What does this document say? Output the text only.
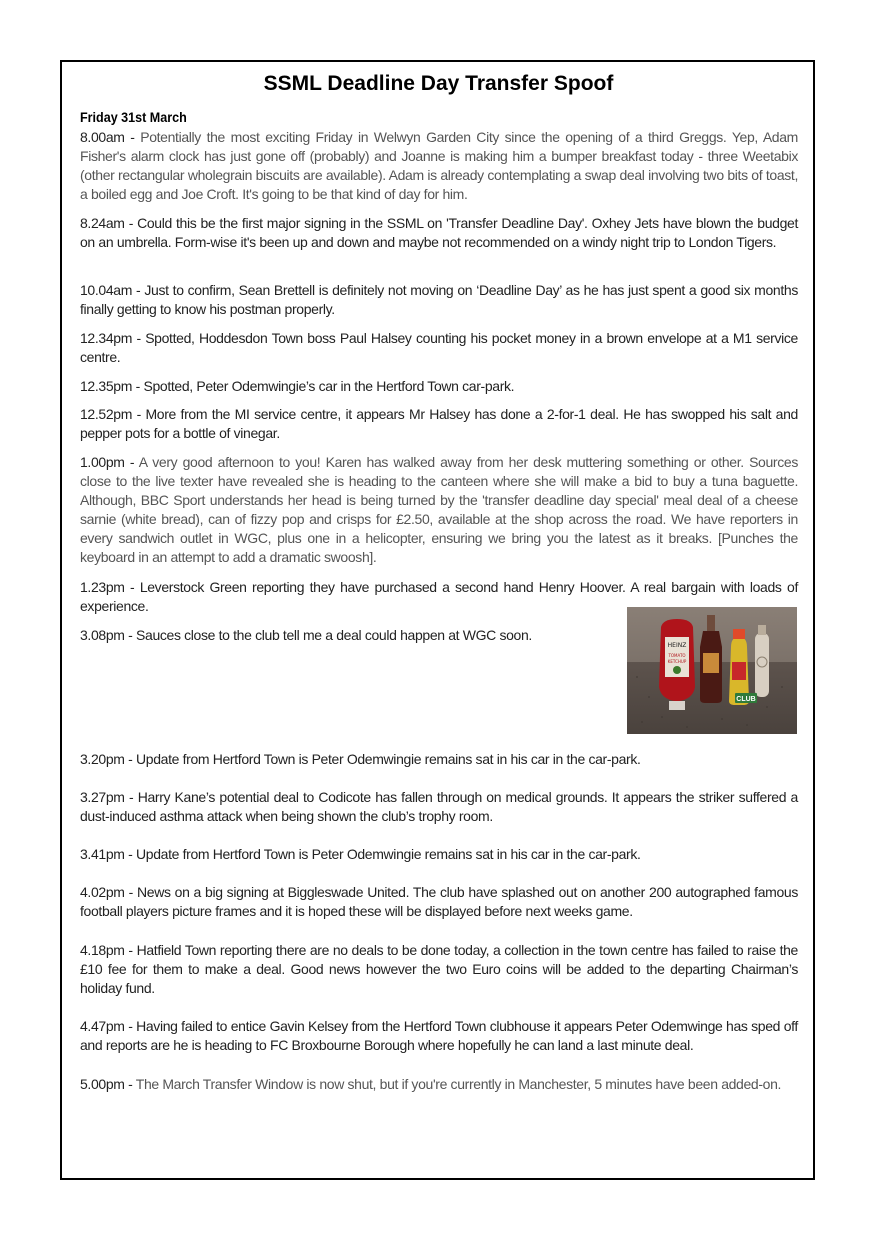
SSML Deadline Day Transfer Spoof
Friday 31st March

8.00am - Potentially the most exciting Friday in Welwyn Garden City since the opening of a third Greggs. Yep, Adam Fisher's alarm clock has just gone off (probably) and Joanne is making him a bumper breakfast today - three Weetabix (other rectangular wholegrain biscuits are available). Adam is already contemplating a swap deal involving two bits of toast, a boiled egg and Joe Croft. It's going to be that kind of day for him.

8.24am - Could this be the first major signing in the SSML on 'Transfer Deadline Day'. Oxhey Jets have blown the budget on an umbrella. Form-wise it's been up and down and maybe not recommended on a windy night trip to London Tigers.

10.04am - Just to confirm, Sean Brettell is definitely not moving on ‘Deadline Day’ as he has just spent a good six months finally getting to know his postman properly.

12.34pm - Spotted, Hoddesdon Town boss Paul Halsey counting his pocket money in a brown envelope at a M1 service centre.

12.35pm - Spotted, Peter Odemwingie’s car in the Hertford Town car-park.

12.52pm - More from the MI service centre, it appears Mr Halsey has done a 2-for-1 deal. He has swopped his salt and pepper pots for a bottle of vinegar.

1.00pm - A very good afternoon to you! Karen has walked away from her desk muttering something or other. Sources close to the live texter have revealed she is heading to the canteen where she will make a bid to buy a tuna baguette. Although, BBC Sport understands her head is being turned by the 'transfer deadline day special' meal deal of a cheese sarnie (white bread), can of fizzy pop and crisps for £2.50, available at the shop across the road. We have reporters in every sandwich outlet in WGC, plus one in a helicopter, ensuring we bring you the latest as it breaks. [Punches the keyboard in an attempt to add a dramatic swoosh].

1.23pm - Leverstock Green reporting they have purchased a second hand Henry Hoover. A real bargain with loads of experience.

3.08pm - Sauces close to the club tell me a deal could happen at WGC soon.

HEINZ
TOMATO
KETCHUP
CLUB

3.20pm - Update from Hertford Town is Peter Odemwingie remains sat in his car in the car-park.

3.27pm - Harry Kane’s potential deal to Codicote has fallen through on medical grounds. It appears the striker suffered a dust-induced asthma attack when being shown the club’s trophy room.

3.41pm - Update from Hertford Town is Peter Odemwingie remains sat in his car in the car-park.

4.02pm - News on a big signing at Biggleswade United. The club have splashed out on another 200 autographed famous football players picture frames and it is hoped these will be displayed before next weeks game.

4.18pm - Hatfield Town reporting there are no deals to be done today, a collection in the town centre has failed to raise the £10 fee for them to make a deal. Good news however the two Euro coins will be added to the departing Chairman’s holiday fund.

4.47pm - Having failed to entice Gavin Kelsey from the Hertford Town clubhouse it appears Peter Odemwinge has sped off and reports are he is heading to FC Broxbourne Borough where hopefully he can land a last minute deal.

5.00pm - The March Transfer Window is now shut, but if you're currently in Manchester, 5 minutes have been added-on.
